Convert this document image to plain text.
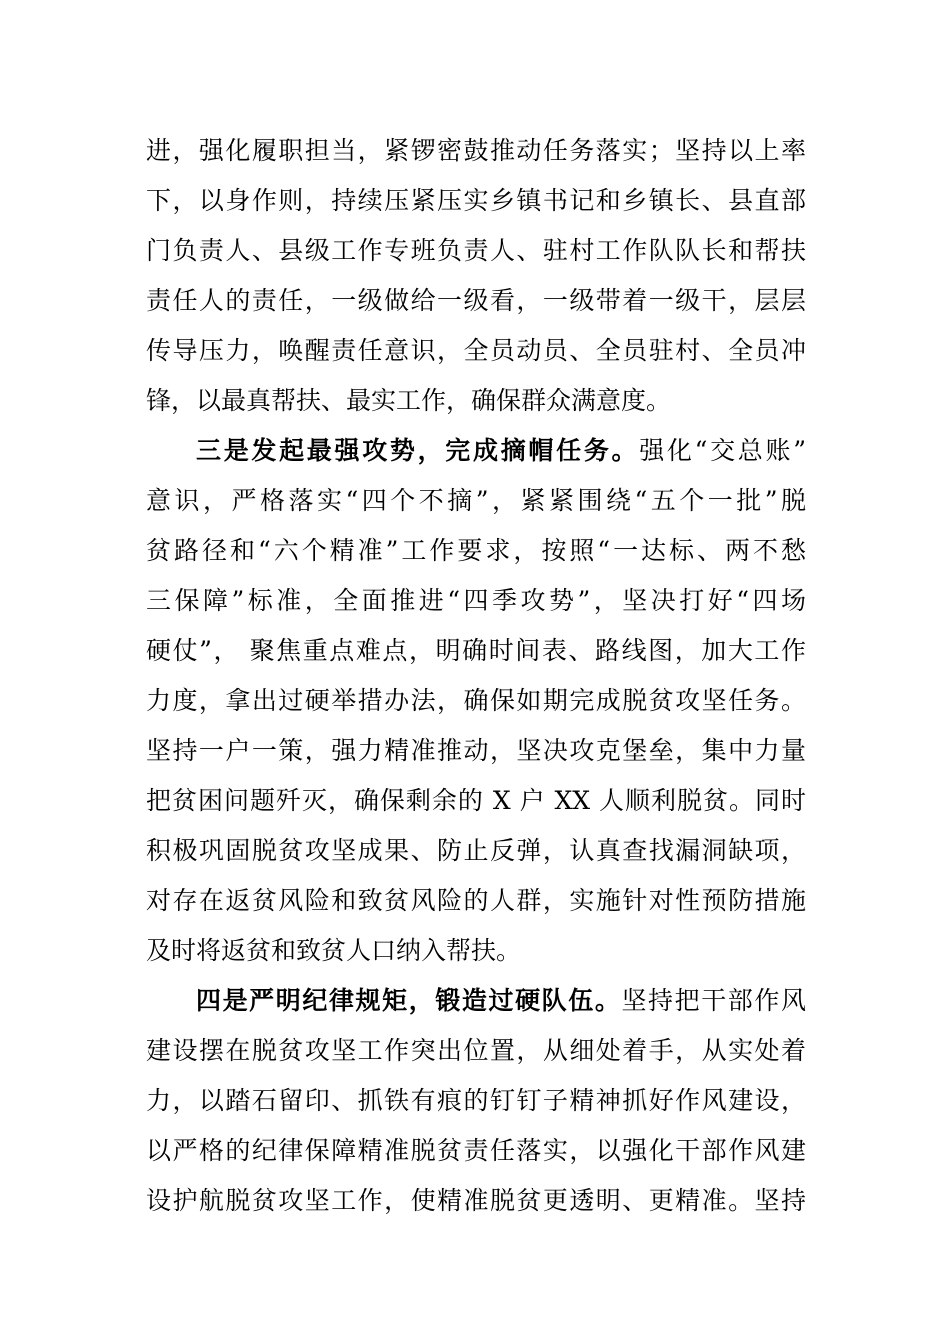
进，强化履职担当，紧锣密鼓推动任务落实；坚持以上率
下，以身作则，持续压紧压实乡镇书记和乡镇长、县直部
门负责人、县级工作专班负责人、驻村工作队队长和帮扶
责任人的责任，一级做给一级看，一级带着一级干，层层
传导压力，唤醒责任意识，全员动员、全员驻村、全员冲
锋，以最真帮扶、最实工作，确保群众满意度。
三是发起最强攻势，完成摘帽任务。强化“交总账”
意识，严格落实“四个不摘”，紧紧围绕“五个一批”脱
贫路径和“六个精准”工作要求，按照“一达标、两不愁
三保障”标准，全面推进“四季攻势”，坚决打好“四场
硬仗”， 聚焦重点难点，明确时间表、路线图，加大工作
力度，拿出过硬举措办法，确保如期完成脱贫攻坚任务。
坚持一户一策，强力精准推动，坚决攻克堡垒，集中力量
把贫困问题歼灭，确保剩余的 X 户 XX 人顺利脱贫。同时
积极巩固脱贫攻坚成果、防止反弹，认真查找漏洞缺项，
对存在返贫风险和致贫风险的人群，实施针对性预防措施
及时将返贫和致贫人口纳入帮扶。
四是严明纪律规矩，锻造过硬队伍。坚持把干部作风
建设摆在脱贫攻坚工作突出位置，从细处着手，从实处着
力，以踏石留印、抓铁有痕的钉钉子精神抓好作风建设，
以严格的纪律保障精准脱贫责任落实，以强化干部作风建
设护航脱贫攻坚工作，使精准脱贫更透明、更精准。坚持
